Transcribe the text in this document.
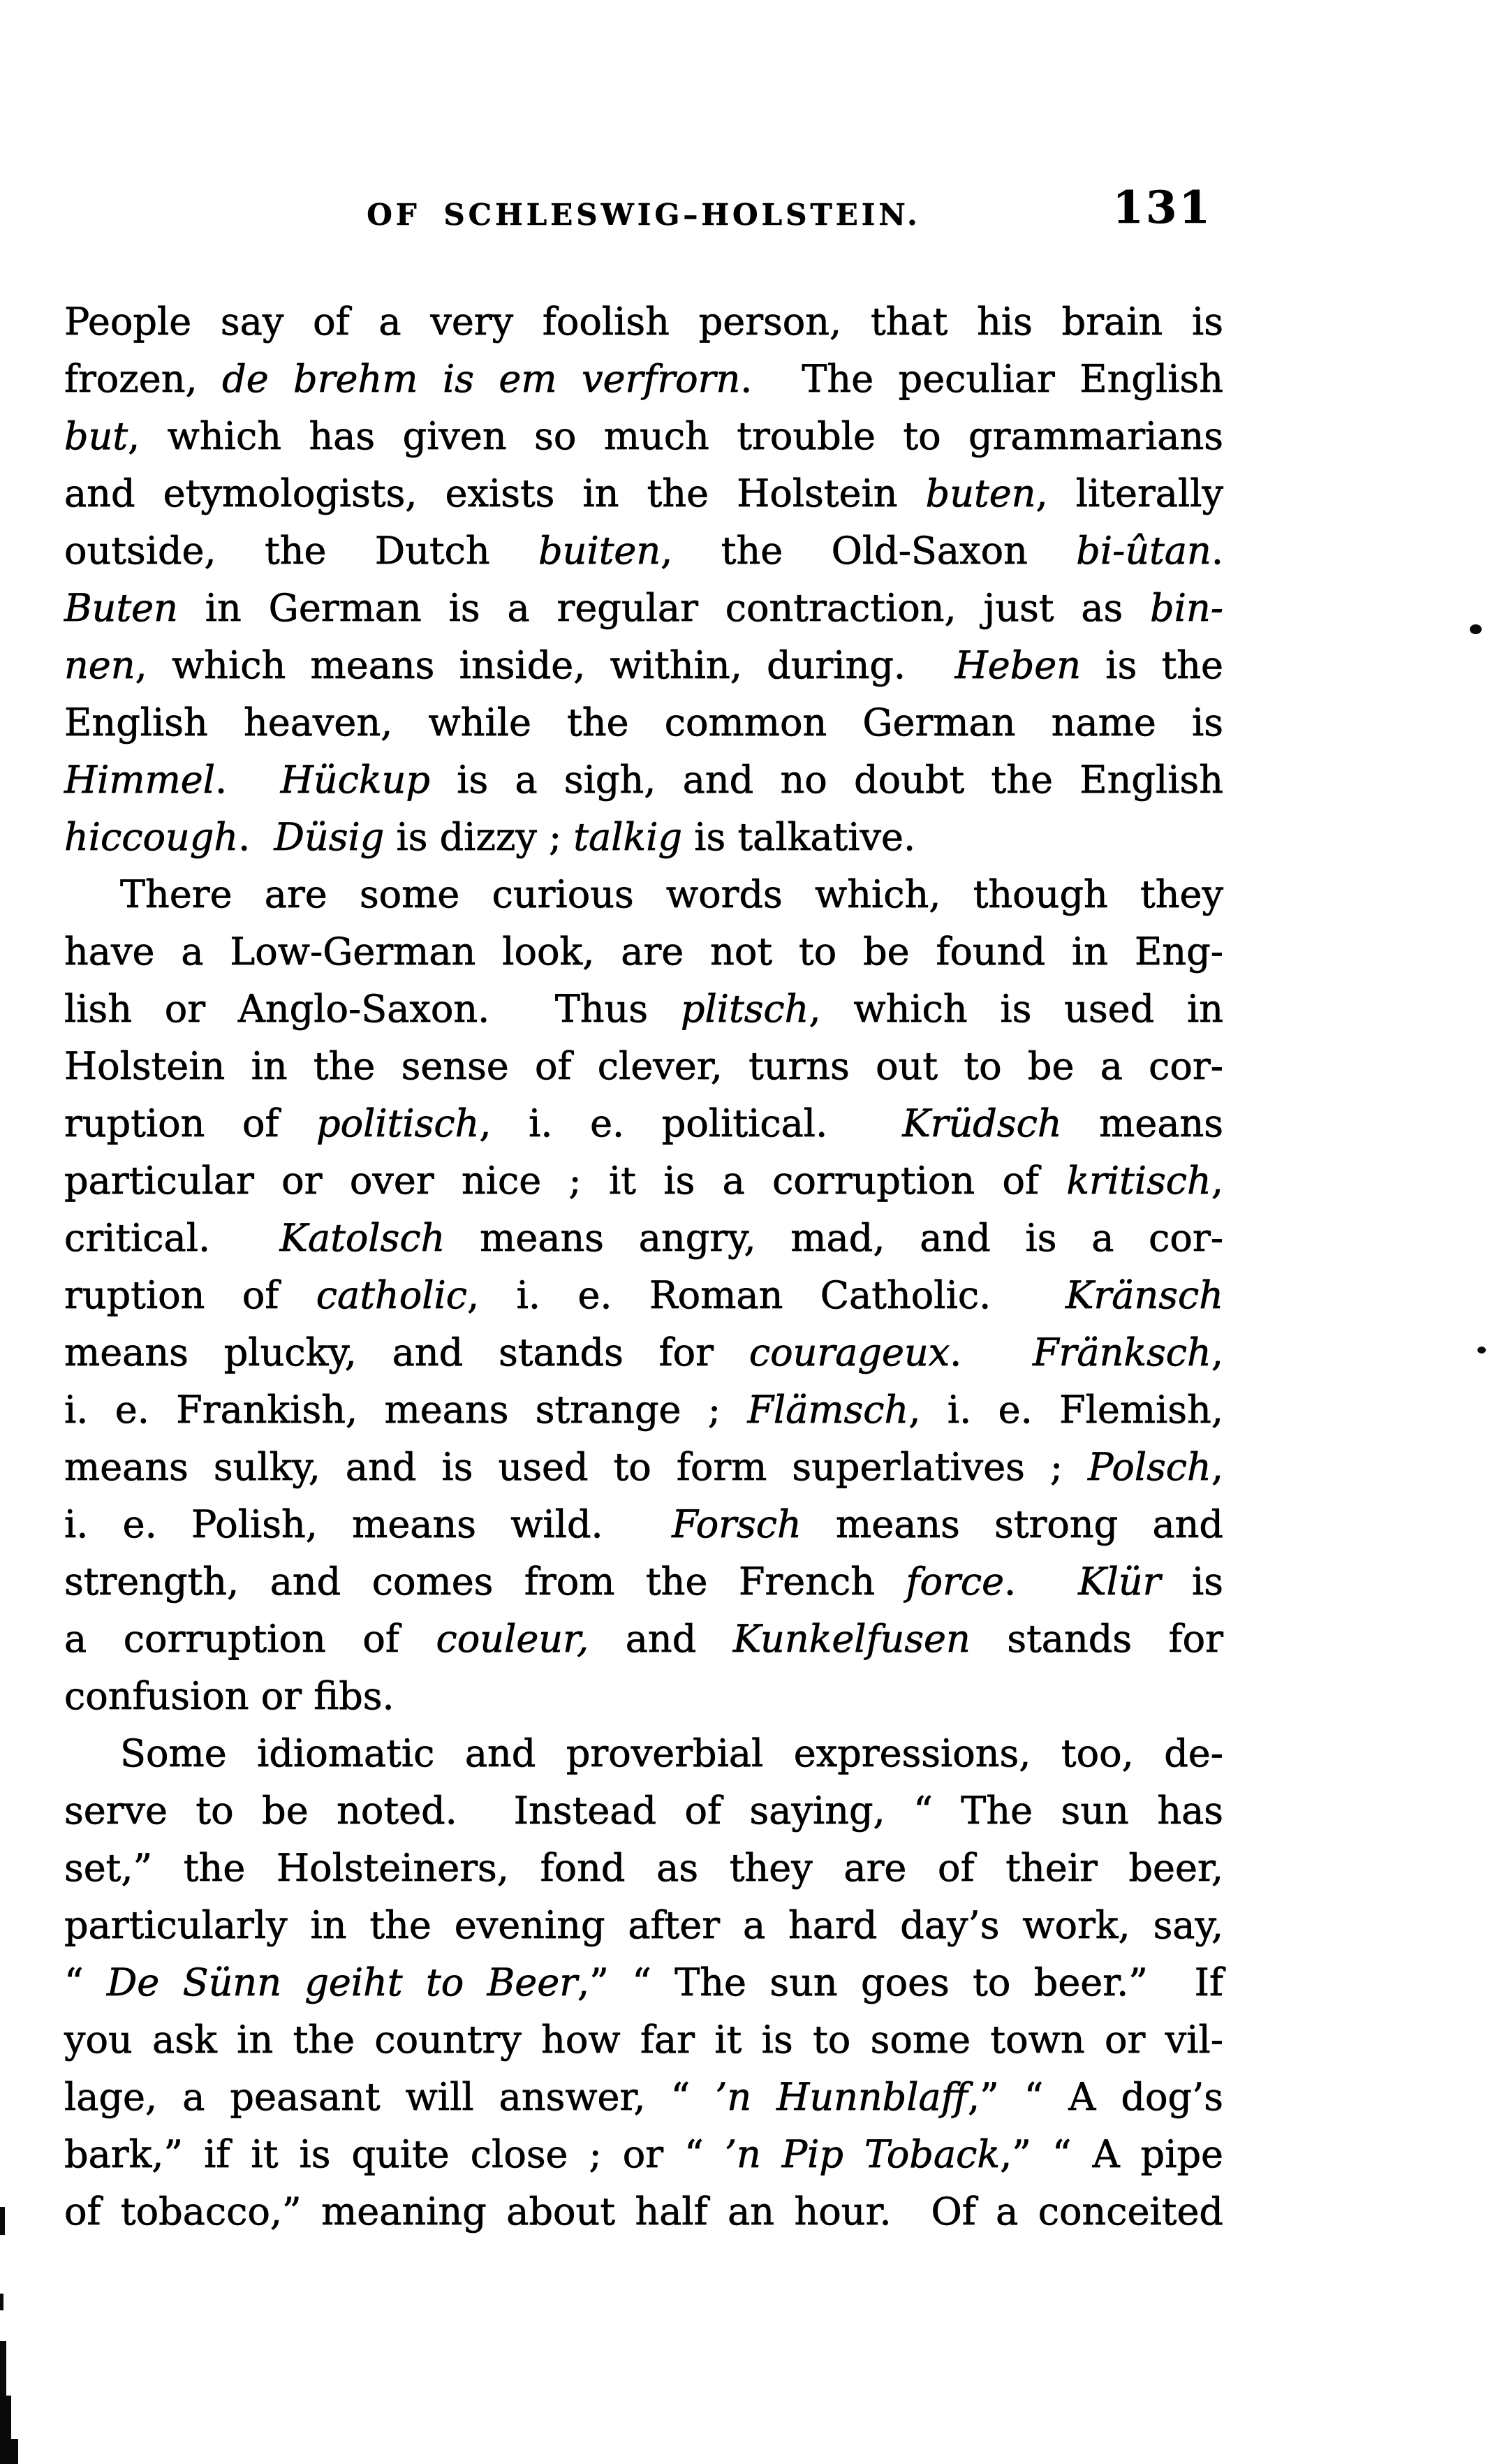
OF SCHLESWIG–HOLSTEIN.	131
People say of a very foolish person, that his brain is
frozen, de brehm is em verfrorn.  The peculiar English
but, which has given so much trouble to grammarians
and etymologists, exists in the Holstein buten, literally
outside, the Dutch buiten, the Old-Saxon bi-ûtan.
Buten in German is a regular contraction, just as bin-
nen, which means inside, within, during.  Heben is the
English heaven, while the common German name is
Himmel.  Hückup is a sigh, and no doubt the English
hiccough.  Düsig is dizzy ; talkig is talkative.
There are some curious words which, though they
have a Low-German look, are not to be found in Eng-
lish or Anglo-Saxon.  Thus plitsch, which is used in
Holstein in the sense of clever, turns out to be a cor-
ruption of politisch, i. e. political.  Krüdsch means
particular or over nice ; it is a corruption of kritisch,
critical.  Katolsch means angry, mad, and is a cor-
ruption of catholic, i. e. Roman Catholic.  Kränsch
means plucky, and stands for courageux.  Fränksch,
i. e. Frankish, means strange ; Flämsch, i. e. Flemish,
means sulky, and is used to form superlatives ; Polsch,
i. e. Polish, means wild.  Forsch means strong and
strength, and comes from the French force.  Klür is
a corruption of couleur, and Kunkelfusen stands for
confusion or fibs.
Some idiomatic and proverbial expressions, too, de-
serve to be noted.  Instead of saying, “ The sun has
set,” the Holsteiners, fond as they are of their beer,
particularly in the evening after a hard day’s work, say,
“ De Sünn geiht to Beer,” “ The sun goes to beer.”  If
you ask in the country how far it is to some town or vil-
lage, a peasant will answer, “ ’n Hunnblaff,” “ A dog’s
bark,” if it is quite close ; or “ ’n Pip Toback,” “ A pipe
of tobacco,” meaning about half an hour.  Of a conceited
